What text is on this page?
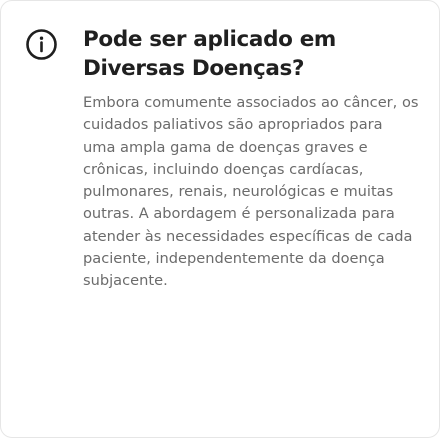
Pode ser aplicado em Diversas Doenças?

Embora comumente associados ao câncer, os cuidados paliativos são apropriados para uma ampla gama de doenças graves e crônicas, incluindo doenças cardíacas, pulmonares, renais, neurológicas e muitas outras. A abordagem é personalizada para atender às necessidades específicas de cada paciente, independentemente da doença subjacente.
